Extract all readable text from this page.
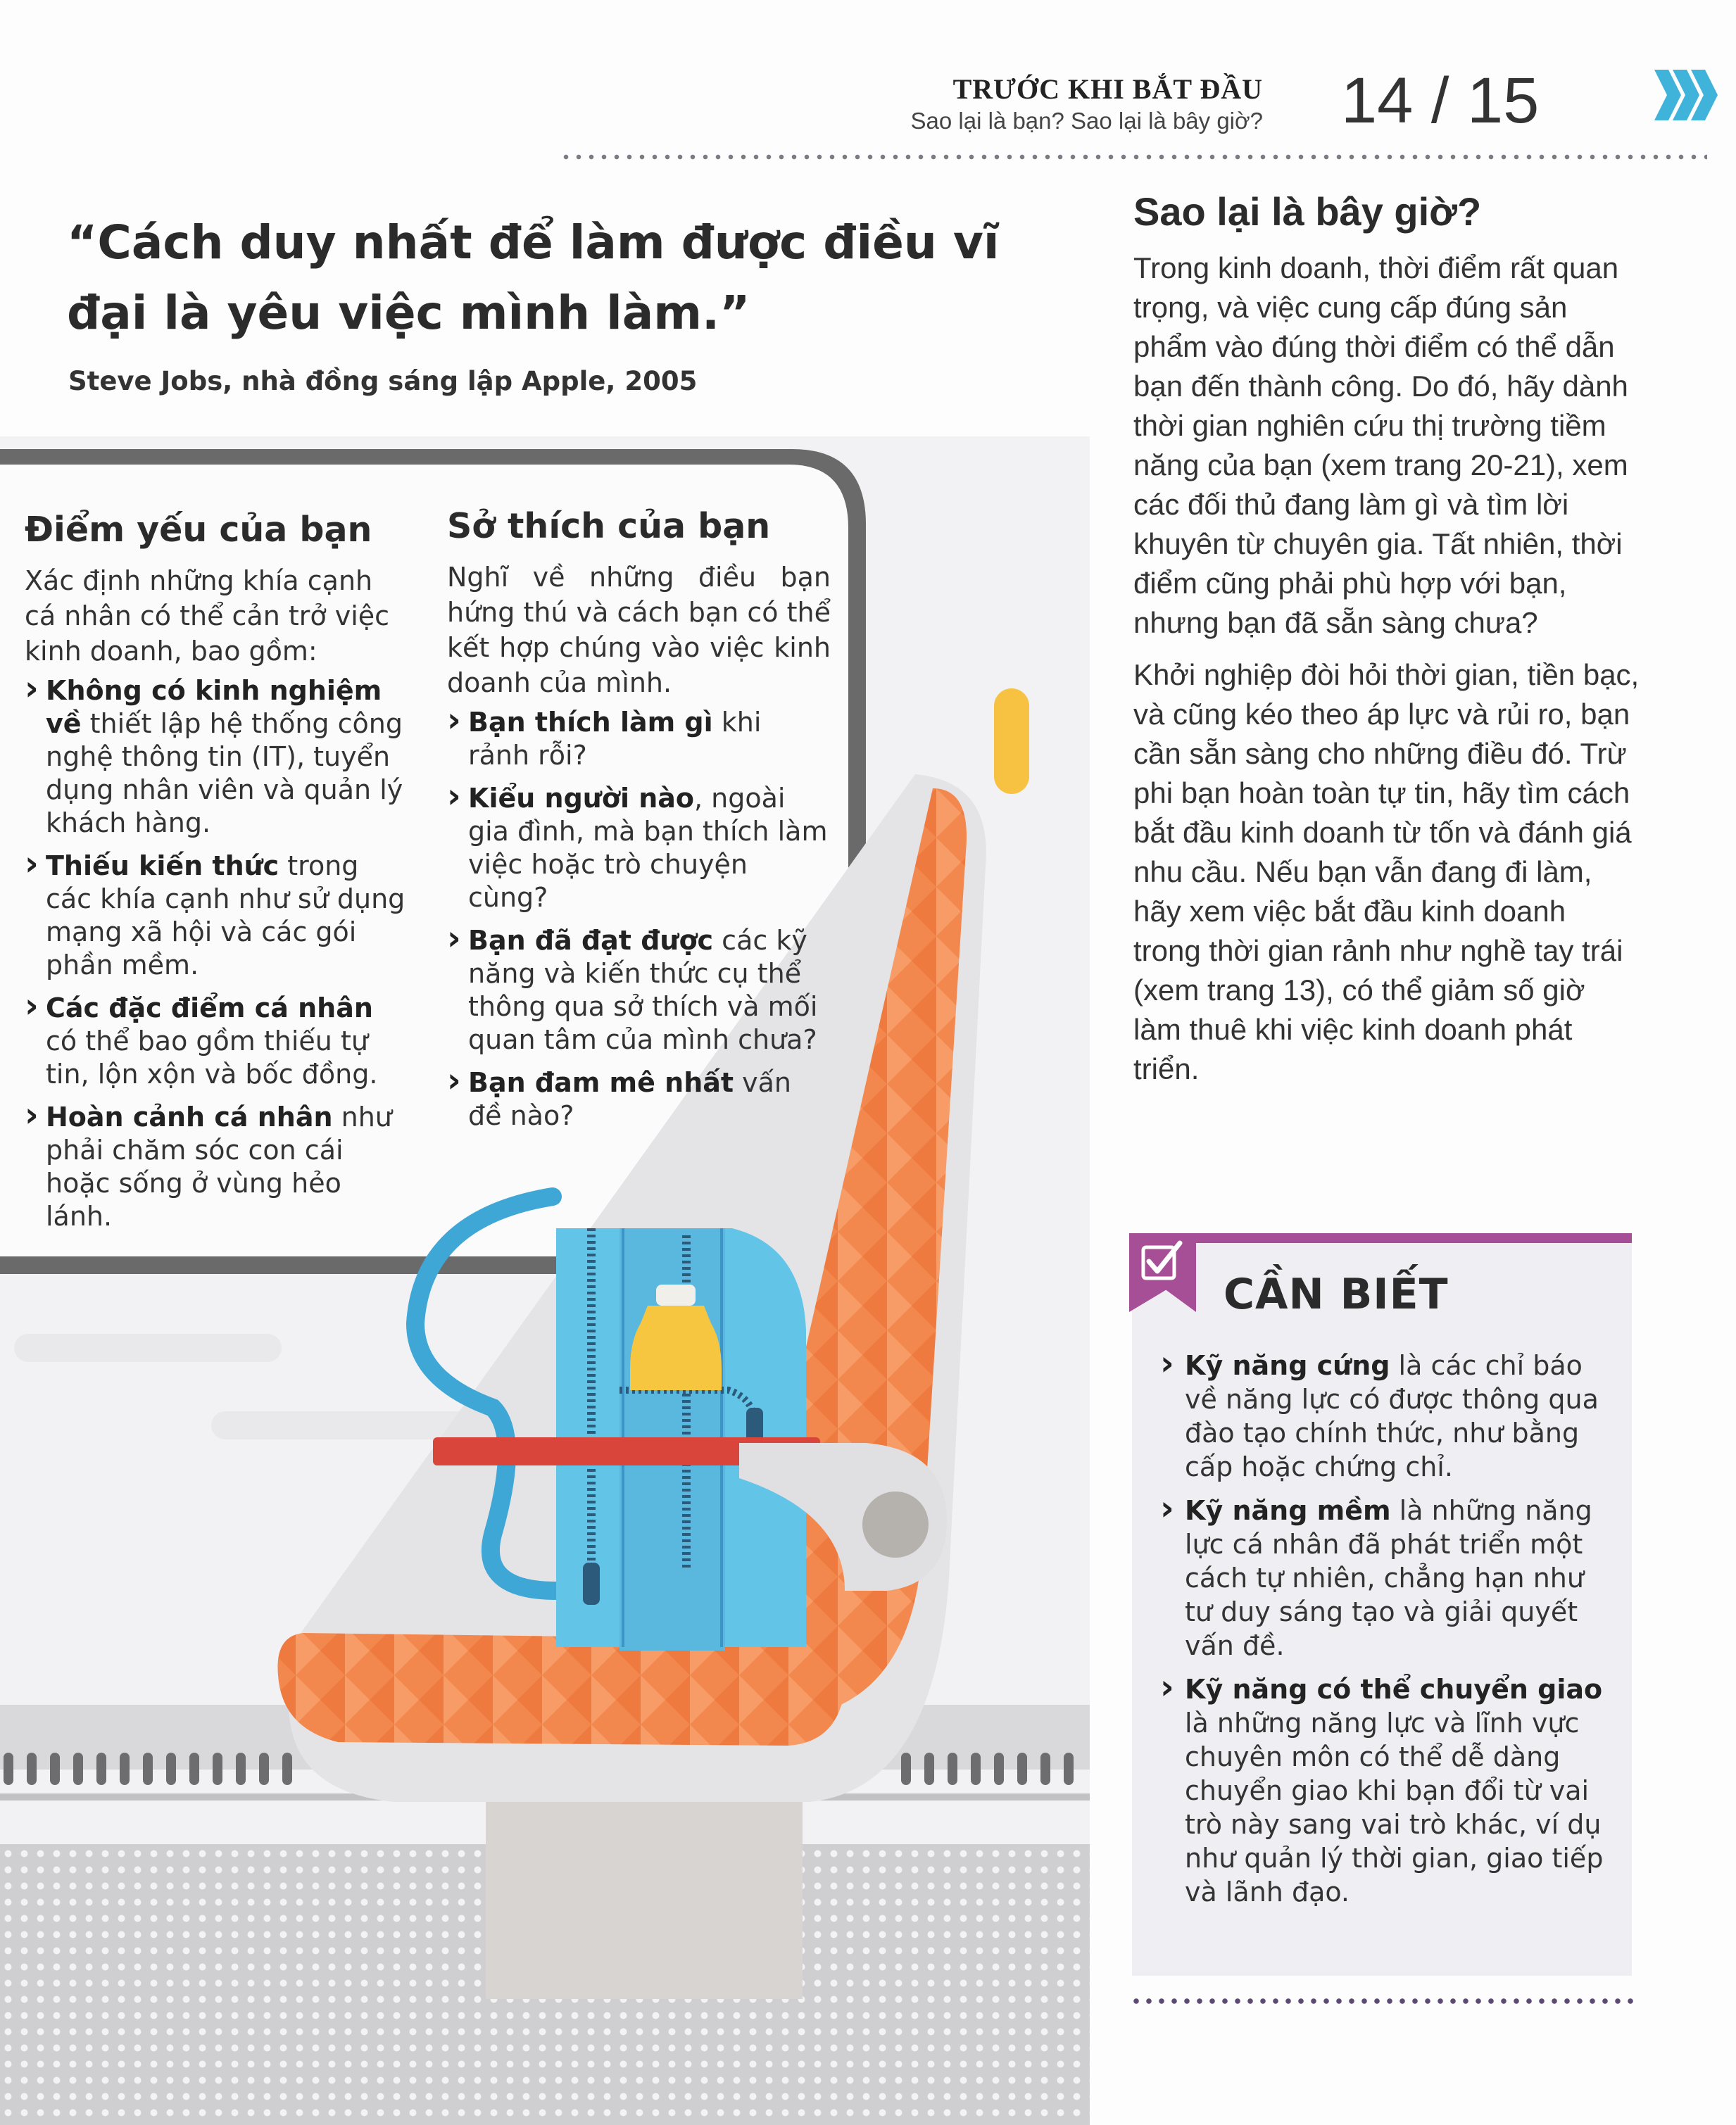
TRƯỚC KHI BẮT ĐẦU
Sao lại là bạn? Sao lại là bây giờ? 14 / 15
“Cách duy nhất để làm được điều vĩ đại là yêu việc mình làm.”
Steve Jobs, nhà đồng sáng lập Apple, 2005
Điểm yếu của bạn

Xác định những khía cạnh cá nhân có thể cản trở việc kinh doanh, bao gồm:

› Không có kinh nghiệm về thiết lập hệ thống công nghệ thông tin (IT), tuyển dụng nhân viên và quản lý khách hàng.
› Thiếu kiến thức trong các khía cạnh như sử dụng mạng xã hội và các gói phần mềm.
› Các đặc điểm cá nhân có thể bao gồm thiếu tự tin, lộn xộn và bốc đồng.
› Hoàn cảnh cá nhân như phải chăm sóc con cái hoặc sống ở vùng hẻo lánh.
Sở thích của bạn

Nghĩ về những điều bạn hứng thú và cách bạn có thể kết hợp chúng vào việc kinh doanh của mình.

› Bạn thích làm gì khi rảnh rỗi?
› Kiểu người nào, ngoài gia đình, mà bạn thích làm việc hoặc trò chuyện cùng?
› Bạn đã đạt được các kỹ năng và kiến thức cụ thể thông qua sở thích và mối quan tâm của mình chưa?
› Bạn đam mê nhất vấn đề nào?
Sao lại là bây giờ?

Trong kinh doanh, thời điểm rất quan trọng, và việc cung cấp đúng sản phẩm vào đúng thời điểm có thể dẫn bạn đến thành công. Do đó, hãy dành thời gian nghiên cứu thị trường tiềm năng của bạn (xem trang 20-21), xem các đối thủ đang làm gì và tìm lời khuyên từ chuyên gia. Tất nhiên, thời điểm cũng phải phù hợp với bạn, nhưng bạn đã sẵn sàng chưa?

Khởi nghiệp đòi hỏi thời gian, tiền bạc, và cũng kéo theo áp lực và rủi ro, bạn cần sẵn sàng cho những điều đó. Trừ phi bạn hoàn toàn tự tin, hãy tìm cách bắt đầu kinh doanh từ tốn và đánh giá nhu cầu. Nếu bạn vẫn đang đi làm, hãy xem việc bắt đầu kinh doanh trong thời gian rảnh như nghề tay trái (xem trang 13), có thể giảm số giờ làm thuê khi việc kinh doanh phát triển.

CẦN BIẾT
› Kỹ năng cứng là các chỉ báo về năng lực có được thông qua đào tạo chính thức, như bằng cấp hoặc chứng chỉ.
› Kỹ năng mềm là những năng lực cá nhân đã phát triển một cách tự nhiên, chẳng hạn như tư duy sáng tạo và giải quyết vấn đề.
› Kỹ năng có thể chuyển giao là những năng lực và lĩnh vực chuyên môn có thể dễ dàng chuyển giao khi bạn đổi từ vai trò này sang vai trò khác, ví dụ như quản lý thời gian, giao tiếp và lãnh đạo.
